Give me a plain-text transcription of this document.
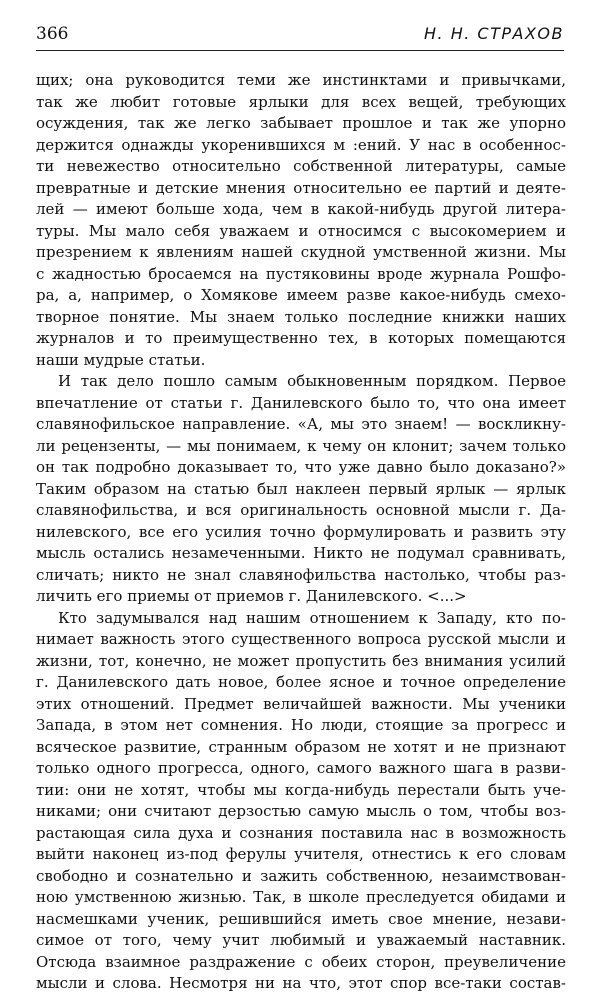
366	Н. Н. СТРАХОВ
щих; она руководится теми же инстинктами и привычками,
так же любит готовые ярлыки для всех вещей, требующих
осуждения, так же легко забывает прошлое и так же упорно
держится однажды укоренившихся м :ений. У нас в особеннос-
ти невежество относительно собственной литературы, самые
превратные и детские мнения относительно ее партий и деяте-
лей — имеют больше хода, чем в какой-нибудь другой литера-
туры. Мы мало себя уважаем и относимся с высокомерием и
презрением к явлениям нашей скудной умственной жизни. Мы
с жадностью бросаемся на пустяковины вроде журнала Рошфо-
ра, а, например, о Хомякове имеем разве какое-нибудь смехо-
творное понятие. Мы знаем только последние книжки наших
журналов и то преимущественно тех, в которых помещаются
наши мудрые статьи.
И так дело пошло самым обыкновенным порядком. Первое
впечатление от статьи г. Данилевского было то, что она имеет
славянофильское направление. «А, мы это знаем! — воскликну-
ли рецензенты, — мы понимаем, к чему он клонит; зачем только
он так подробно доказывает то, что уже давно было доказано?»
Таким образом на статью был наклеен первый ярлык — ярлык
славянофильства, и вся оригинальность основной мысли г. Да-
нилевского, все его усилия точно формулировать и развить эту
мысль остались незамеченными. Никто не подумал сравнивать,
сличать; никто не знал славянофильства настолько, чтобы раз-
личить его приемы от приемов г. Данилевского. <...>
Кто задумывался над нашим отношением к Западу, кто по-
нимает важность этого существенного вопроса русской мысли и
жизни, тот, конечно, не может пропустить без внимания усилий
г. Данилевского дать новое, более ясное и точное определение
этих отношений. Предмет величайшей важности. Мы ученики
Запада, в этом нет сомнения. Но люди, стоящие за прогресс и
всяческое развитие, странным образом не хотят и не признают
только одного прогресса, одного, самого важного шага в разви-
тии: они не хотят, чтобы мы когда-нибудь перестали быть уче-
никами; они считают дерзостью самую мысль о том, чтобы воз-
растающая сила духа и сознания поставила нас в возможность
выйти наконец из-под ферулы учителя, отнестись к его словам
свободно и сознательно и зажить собственною, незаимствован-
ною умственною жизнью. Так, в школе преследуется обидами и
насмешками ученик, решившийся иметь свое мнение, незави-
симое от того, чему учит любимый и уважаемый наставник.
Отсюда взаимное раздражение с обеих сторон, преувеличение
мысли и слова. Несмотря ни на что, этот спор все-таки состав-
